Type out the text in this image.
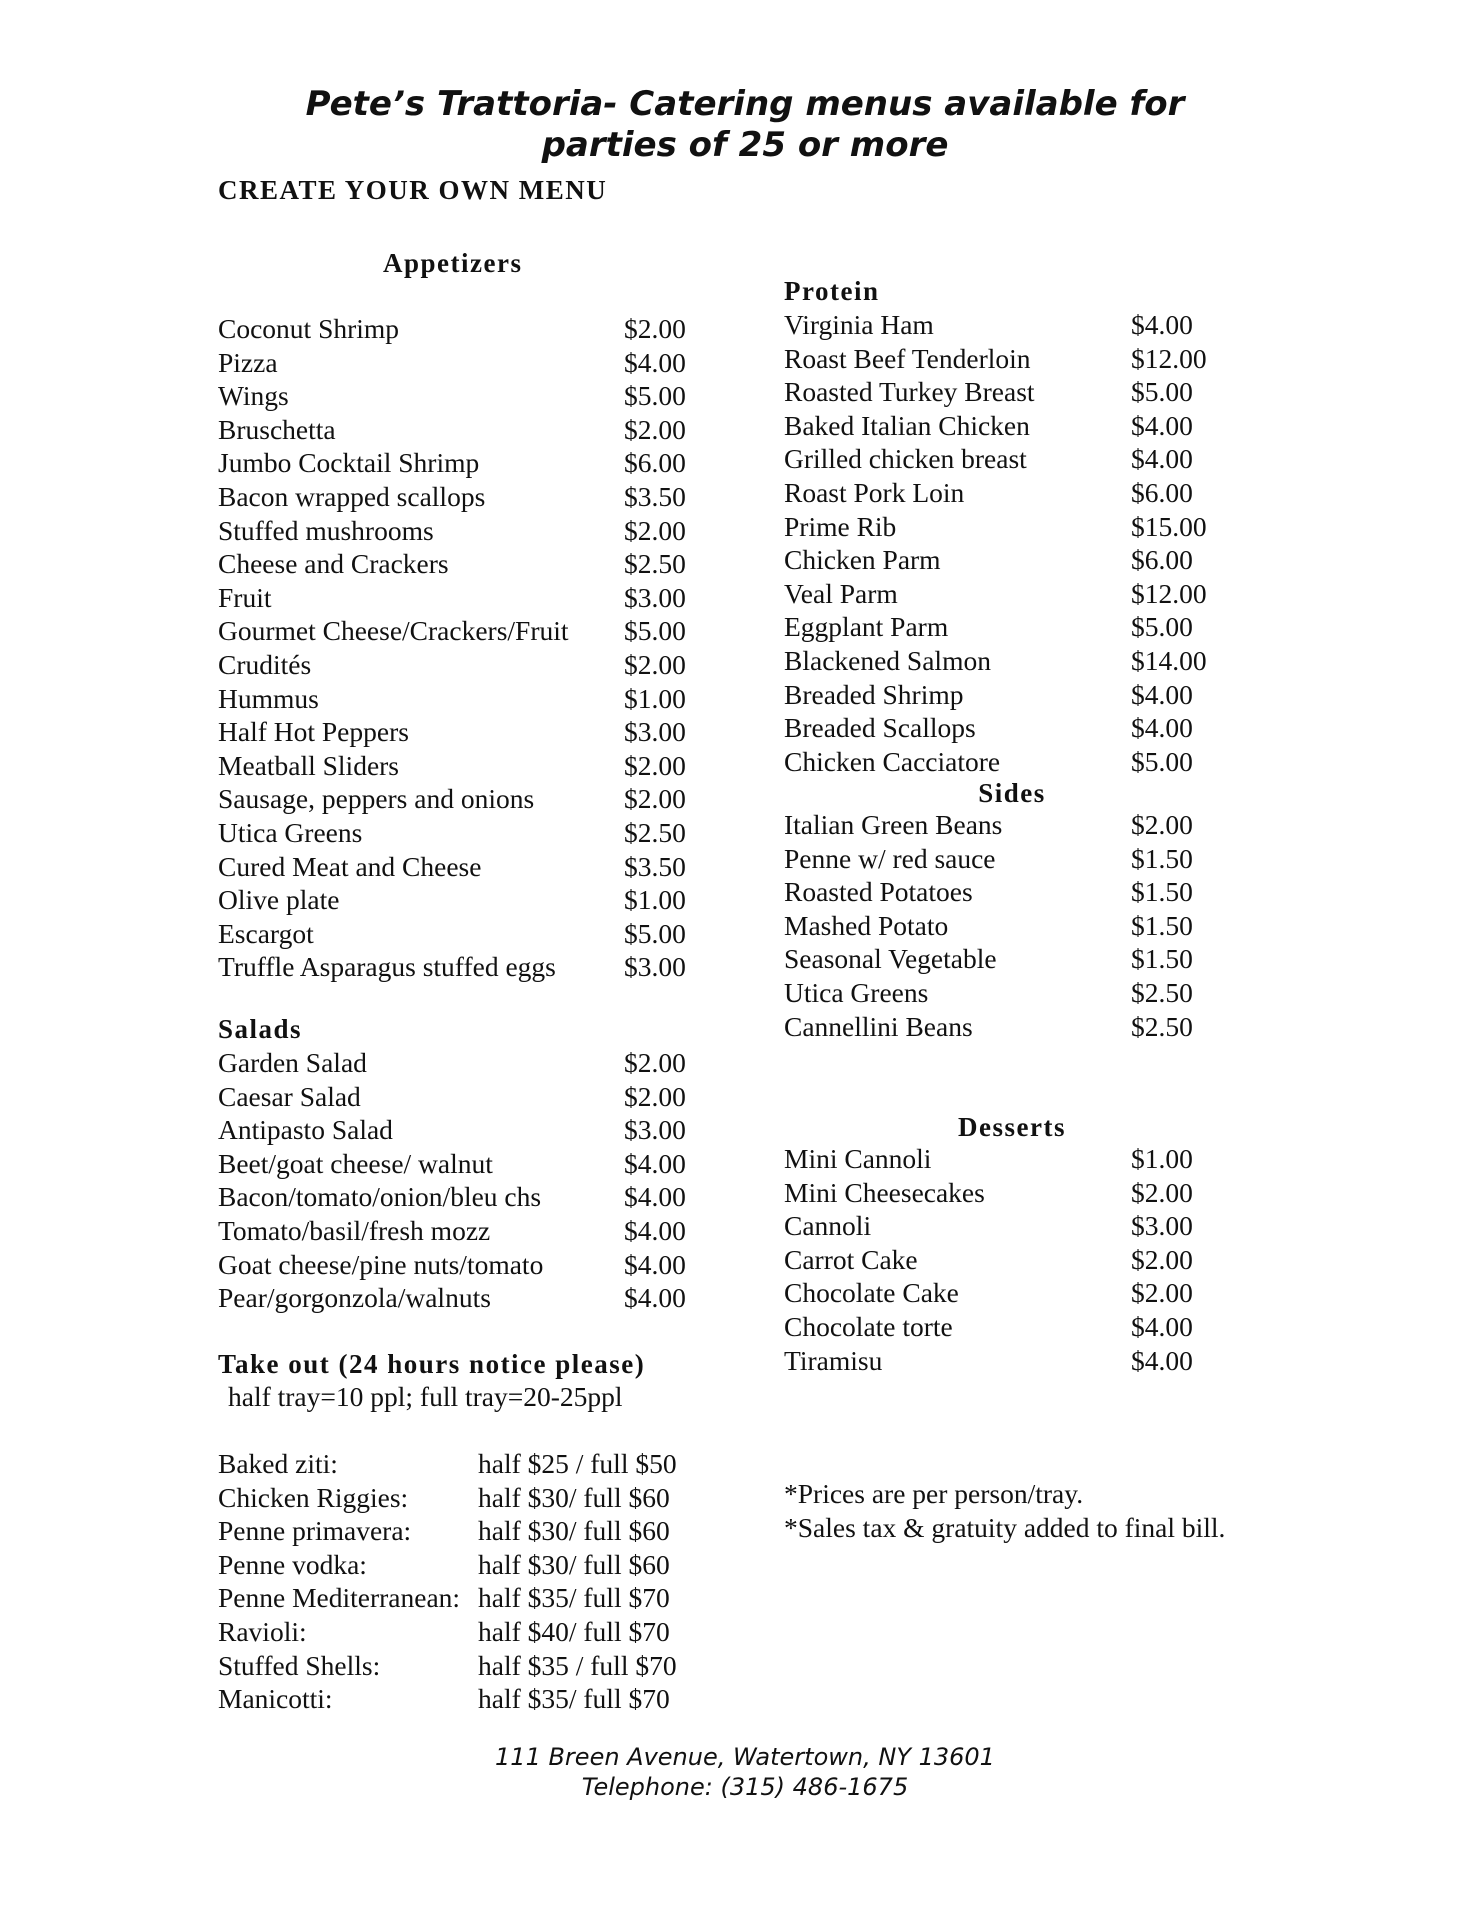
Pete’s Trattoria- Catering menus available for
parties of 25 or more
CREATE YOUR OWN MENU
Appetizers
Coconut Shrimp	$2.00
Pizza	$4.00
Wings	$5.00
Bruschetta	$2.00
Jumbo Cocktail Shrimp	$6.00
Bacon wrapped scallops	$3.50
Stuffed mushrooms	$2.00
Cheese and Crackers	$2.50
Fruit	$3.00
Gourmet Cheese/Crackers/Fruit $5.00
Crudités	$2.00
Hummus	$1.00
Half Hot Peppers	$3.00
Meatball Sliders	$2.00
Sausage, peppers and onions	$2.00
Utica Greens	$2.50
Cured Meat and Cheese	$3.50
Olive plate	$1.00
Escargot	$5.00
Truffle Asparagus stuffed eggs $3.00
Salads
Garden Salad	$2.00
Caesar Salad	$2.00
Antipasto Salad	$3.00
Beet/goat cheese/ walnut	$4.00
Bacon/tomato/onion/bleu chs	$4.00
Tomato/basil/fresh mozz	$4.00
Goat cheese/pine nuts/tomato	$4.00
Pear/gorgonzola/walnuts	$4.00
Take out (24 hours notice please)
half tray=10 ppl; full tray=20-25ppl
Baked ziti:	half $25 / full $50
Chicken Riggies:	half $30/ full $60
Penne primavera: half $30/ full $60
Penne vodka:	half $30/ full $60
Penne Mediterranean: half $35/ full $70
Ravioli:	half $40/ full $70
Stuffed Shells:	half $35 / full $70
Manicotti:	half $35/ full $70
Protein
Virginia Ham	$4.00
Roast Beef Tenderloin	$12.00
Roasted Turkey Breast	$5.00
Baked Italian Chicken	$4.00
Grilled chicken breast	$4.00
Roast Pork Loin	$6.00
Prime Rib	$15.00
Chicken Parm	$6.00
Veal Parm	$12.00
Eggplant Parm	$5.00
Blackened Salmon	$14.00
Breaded Shrimp	$4.00
Breaded Scallops	$4.00
Chicken Cacciatore	$5.00
Sides
Italian Green Beans	$2.00
Penne w/ red sauce	$1.50
Roasted Potatoes	$1.50
Mashed Potato	$1.50
Seasonal Vegetable	$1.50
Utica Greens	$2.50
Cannellini Beans	$2.50
Desserts
Mini Cannoli	$1.00
Mini Cheesecakes	$2.00
Cannoli	$3.00
Carrot Cake	$2.00
Chocolate Cake	$2.00
Chocolate torte	$4.00
Tiramisu	$4.00
*Prices are per person/tray.
*Sales tax & gratuity added to final bill.
111 Breen Avenue, Watertown, NY 13601
Telephone: (315) 486-1675
